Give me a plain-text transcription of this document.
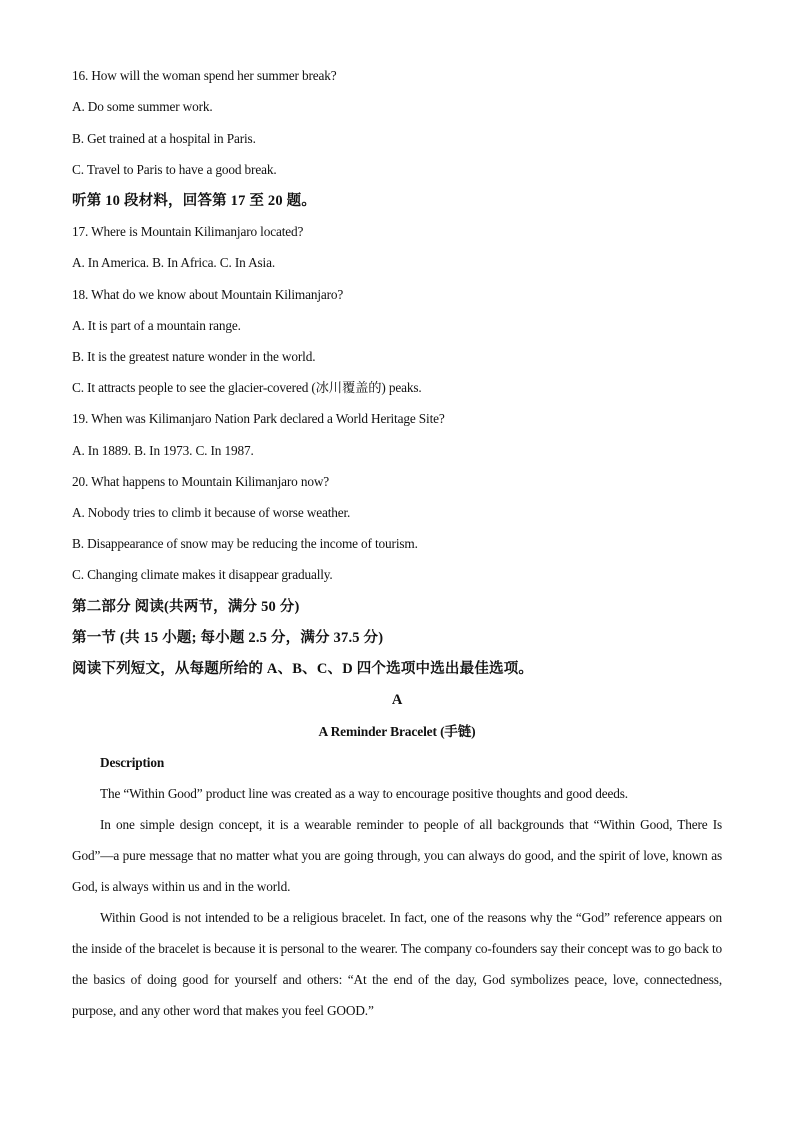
16. How will the woman spend her summer break?
A. Do some summer work.
B. Get trained at a hospital in Paris.
C. Travel to Paris to have a good break.
听第 10 段材料，回答第 17 至 20 题。
17. Where is Mountain Kilimanjaro located?
A. In America. B. In Africa. C. In Asia.
18. What do we know about Mountain Kilimanjaro?
A. It is part of a mountain range.
B. It is the greatest nature wonder in the world.
C. It attracts people to see the glacier-covered (冰川覆盖的) peaks.
19. When was Kilimanjaro Nation Park declared a World Heritage Site?
A. In 1889. B. In 1973. C. In 1987.
20. What happens to Mountain Kilimanjaro now?
A. Nobody tries to climb it because of worse weather.
B. Disappearance of snow may be reducing the income of tourism.
C. Changing climate makes it disappear gradually.
第二部分 阅读(共两节，满分 50 分)
第一节 (共 15 小题; 每小题 2.5 分，满分 37.5 分)
阅读下列短文，从每题所给的 A、B、C、D 四个选项中选出最佳选项。
A
A Reminder Bracelet (手链)
Description
The “Within Good” product line was created as a way to encourage positive thoughts and good deeds.
In one simple design concept, it is a wearable reminder to people of all backgrounds that “Within Good, There Is God”—a pure message that no matter what you are going through, you can always do good, and the spirit of love, known as God, is always within us and in the world.
Within Good is not intended to be a religious bracelet. In fact, one of the reasons why the “God” reference appears on the inside of the bracelet is because it is personal to the wearer. The company co-founders say their concept was to go back to the basics of doing good for yourself and others: “At the end of the day, God symbolizes peace, love, connectedness, purpose, and any other word that makes you feel GOOD.”
